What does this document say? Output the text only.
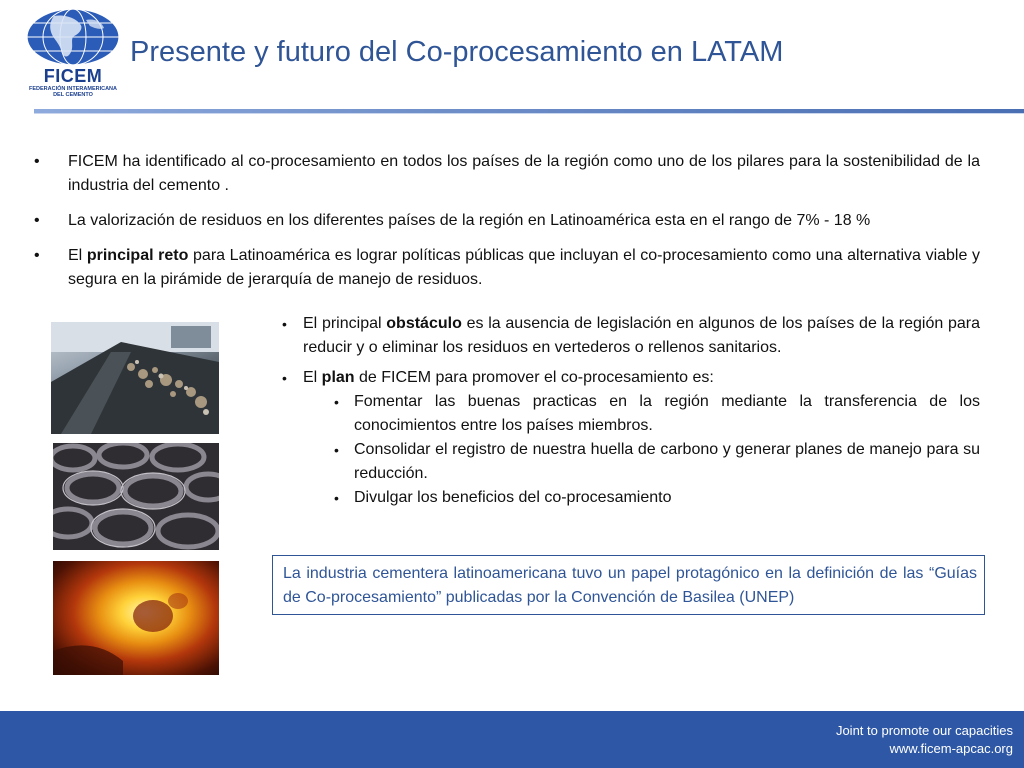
FICEM
FEDERACIÓN INTERAMERICANA
DEL CEMENTO
Presente y futuro del Co-procesamiento en LATAM
• FICEM ha identificado al co-procesamiento en todos los países de la región como uno de los pilares para la sostenibilidad de la industria del cemento .
• La valorización de residuos en los diferentes países de la región en Latinoamérica esta en el rango de 7% - 18 %
• El principal reto para Latinoamérica es lograr políticas públicas que incluyan el co-procesamiento como una alternativa viable y segura en la pirámide de jerarquía de manejo de residuos.
• El principal obstáculo es la ausencia de legislación en algunos de los países de la región para reducir y o eliminar los residuos en vertederos o rellenos sanitarios.
• El plan de FICEM para promover el co-procesamiento es:
• Fomentar las buenas practicas en la región mediante la transferencia de los conocimientos entre los países miembros.
• Consolidar el registro de nuestra huella de carbono y generar planes de manejo para su reducción.
• Divulgar los beneficios del co-procesamiento
La industria cementera latinoamericana tuvo un papel protagónico en la definición de las “Guías de Co-procesamiento” publicadas por la Convención de Basilea (UNEP)
Joint to promote our capacities
www.ficem-apcac.org
